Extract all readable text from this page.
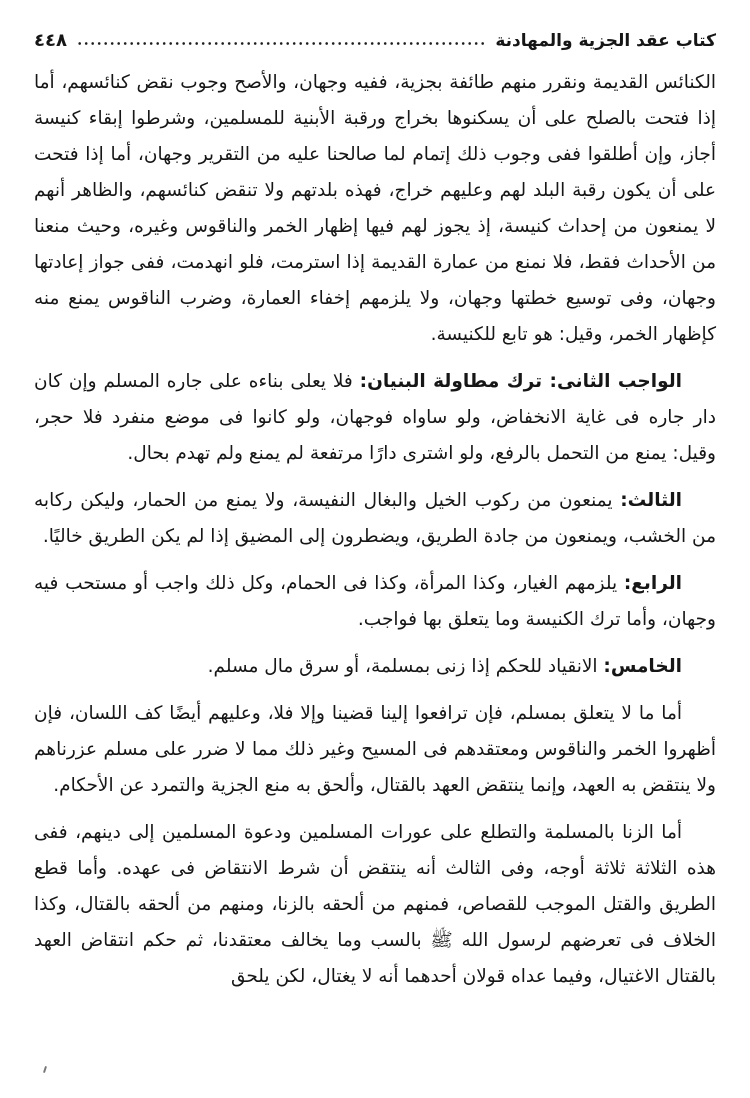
كتاب عقد الجزية والمهادنة
٤٤٨

الكنائس القديمة ونقرر منهم طائفة بجزية، ففيه وجهان، والأصح وجوب نقض كنائسهم، أما إذا فتحت بالصلح على أن يسكنوها بخراج ورقبة الأبنية للمسلمين، وشرطوا إبقاء كنيسة أجاز، وإن أطلقوا ففى وجوب ذلك إتمام لما صالحنا عليه من التقرير وجهان، أما إذا فتحت على أن يكون رقبة البلد لهم وعليهم خراج، فهذه بلدتهم ولا تنقض كنائسهم، والظاهر أنهم لا يمنعون من إحداث كنيسة، إذ يجوز لهم فيها إظهار الخمر والناقوس وغيره، وحيث منعنا من الأحداث فقط، فلا نمنع من عمارة القديمة إذا استرمت، فلو انهدمت، ففى جواز إعادتها وجهان، وفى توسيع خطتها وجهان، ولا يلزمهم إخفاء العمارة، وضرب الناقوس يمنع منه كإظهار الخمر، وقيل: هو تابع للكنيسة.

الواجب الثانى: ترك مطاولة البنيان: فلا يعلى بناءه على جاره المسلم وإن كان دار جاره فى غاية الانخفاض، ولو ساواه فوجهان، ولو كانوا فى موضع منفرد فلا حجر، وقيل: يمنع من التحمل بالرفع، ولو اشترى دارًا مرتفعة لم يمنع ولم تهدم بحال.

الثالث: يمنعون من ركوب الخيل والبغال النفيسة، ولا يمنع من الحمار، وليكن ركابه من الخشب، ويمنعون من جادة الطريق، ويضطرون إلى المضيق إذا لم يكن الطريق خاليًا.

الرابع: يلزمهم الغيار، وكذا المرأة، وكذا فى الحمام، وكل ذلك واجب أو مستحب فيه وجهان، وأما ترك الكنيسة وما يتعلق بها فواجب.

الخامس: الانقياد للحكم إذا زنى بمسلمة، أو سرق مال مسلم.

أما ما لا يتعلق بمسلم، فإن ترافعوا إلينا قضينا وإلا فلا، وعليهم أيضًا كف اللسان، فإن أظهروا الخمر والناقوس ومعتقدهم فى المسيح وغير ذلك مما لا ضرر على مسلم عزرناهم ولا ينتقض به العهد، وإنما ينتقض العهد بالقتال، وألحق به منع الجزية والتمرد عن الأحكام.

أما الزنا بالمسلمة والتطلع على عورات المسلمين ودعوة المسلمين إلى دينهم، ففى هذه الثلاثة ثلاثة أوجه، وفى الثالث أنه ينتقض أن شرط الانتقاض فى عهده. وأما قطع الطريق والقتل الموجب للقصاص، فمنهم من ألحقه بالزنا، ومنهم من ألحقه بالقتال، وكذا الخلاف فى تعرضهم لرسول الله ﷺ بالسب وما يخالف معتقدنا، ثم حكم انتقاض العهد بالقتال الاغتيال، وفيما عداه قولان أحدهما أنه لا يغتال، لكن يلحق
